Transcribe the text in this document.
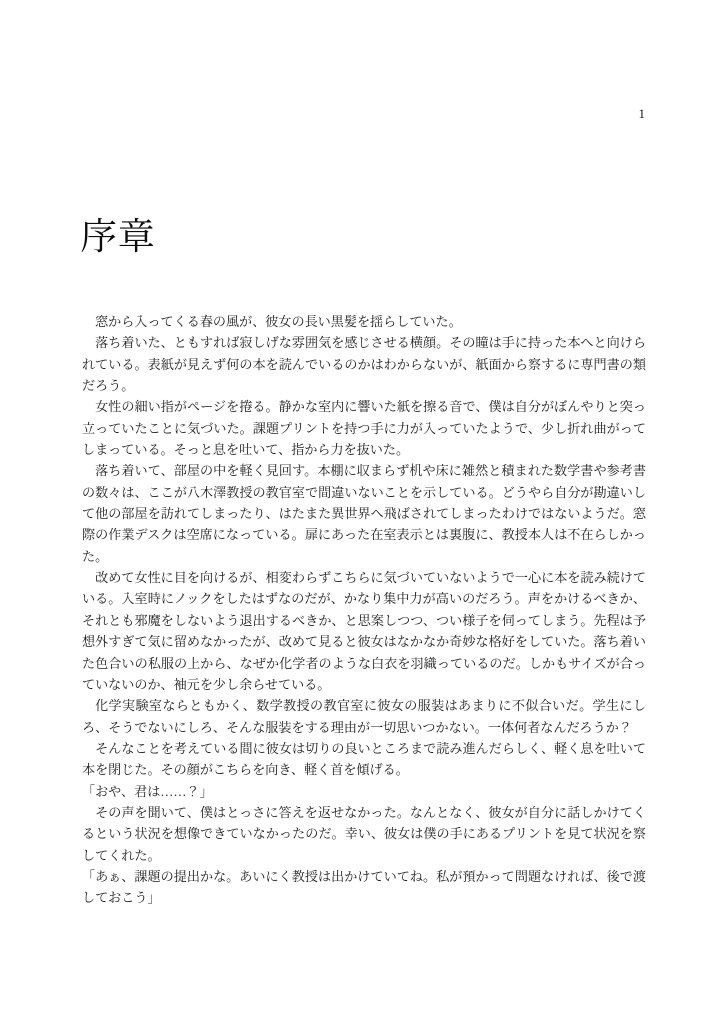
1
序章

窓から入ってくる春の風が、彼女の長い黒髪を揺らしていた。

落ち着いた、ともすれば寂しげな雰囲気を感じさせる横顔。その瞳は手に持った本へと向けられている。表紙が見えず何の本を読んでいるのかはわからないが、紙面から察するに専門書の類だろう。

女性の細い指がページを捲る。静かな室内に響いた紙を擦る音で、僕は自分がぼんやりと突っ立っていたことに気づいた。課題プリントを持つ手に力が入っていたようで、少し折れ曲がってしまっている。そっと息を吐いて、指から力を抜いた。

落ち着いて、部屋の中を軽く見回す。本棚に収まらず机や床に雑然と積まれた数学書や参考書の数々は、ここが八木澤教授の教官室で間違いないことを示している。どうやら自分が勘違いして他の部屋を訪れてしまったり、はたまた異世界へ飛ばされてしまったわけではないようだ。窓際の作業デスクは空席になっている。扉にあった在室表示とは裏腹に、教授本人は不在らしかった。

改めて女性に目を向けるが、相変わらずこちらに気づいていないようで一心に本を読み続けている。入室時にノックをしたはずなのだが、かなり集中力が高いのだろう。声をかけるべきか、それとも邪魔をしないよう退出するべきか、と思案しつつ、つい様子を伺ってしまう。先程は予想外すぎて気に留めなかったが、改めて見ると彼女はなかなか奇妙な格好をしていた。落ち着いた色合いの私服の上から、なぜか化学者のような白衣を羽織っているのだ。しかもサイズが合っていないのか、袖元を少し余らせている。

化学実験室ならともかく、数学教授の教官室に彼女の服装はあまりに不似合いだ。学生にしろ、そうでないにしろ、そんな服装をする理由が一切思いつかない。一体何者なんだろうか？

そんなことを考えている間に彼女は切りの良いところまで読み進んだらしく、軽く息を吐いて本を閉じた。その顔がこちらを向き、軽く首を傾げる。

「おや、君は……？」

その声を聞いて、僕はとっさに答えを返せなかった。なんとなく、彼女が自分に話しかけてくるという状況を想像できていなかったのだ。幸い、彼女は僕の手にあるプリントを見て状況を察してくれた。

「あぁ、課題の提出かな。あいにく教授は出かけていてね。私が預かって問題なければ、後で渡しておこう」
